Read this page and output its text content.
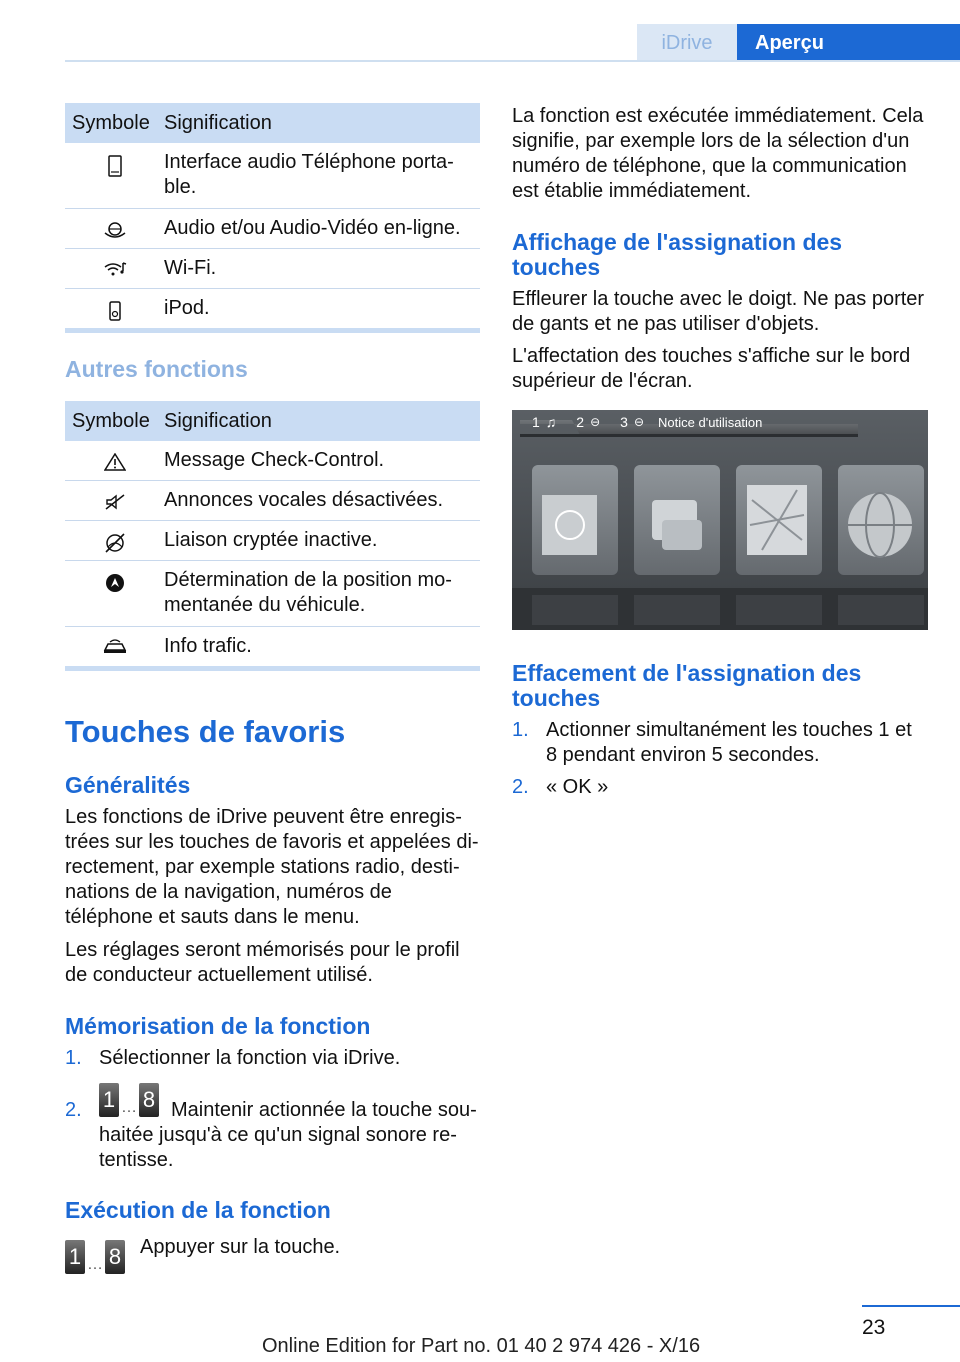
iDrive	Aperçu
Symbole Signification
Interface audio Téléphone porta-
ble.
Audio et/ou Audio-Vidéo en-ligne.
Wi-Fi.
iPod.
Autres fonctions
Symbole Signification
Message Check-Control.
Annonces vocales désactivées.
Liaison cryptée inactive.
Détermination de la position mo-
mentanée du véhicule.
Info trafic.
Touches de favoris
Généralités
Les fonctions de iDrive peuvent être enregis-
trées sur les touches de favoris et appelées di-
rectement, par exemple stations radio, desti-
nations de la navigation, numéros de
téléphone et sauts dans le menu.
Les réglages seront mémorisés pour le profil
de conducteur actuellement utilisé.
Mémorisation de la fonction
1. Sélectionner la fonction via iDrive.
2. 1 … 8 Maintenir actionnée la touche sou-
haitée jusqu'à ce qu'un signal sonore re-
tentisse.
Exécution de la fonction
1 … 8 Appuyer sur la touche.
La fonction est exécutée immédiatement. Cela
signifie, par exemple lors de la sélection d'un
numéro de téléphone, que la communication
est établie immédiatement.
Affichage de l'assignation des
touches
Effleurer la touche avec le doigt. Ne pas porter
de gants et ne pas utiliser d'objets.
L'affectation des touches s'affiche sur le bord
supérieur de l'écran.
1 ♫ 2 ⊖ 3 ⊖ Notice d'utilisation
Effacement de l'assignation des
touches
1. Actionner simultanément les touches 1 et
8 pendant environ 5 secondes.
2. « OK »
23
Online Edition for Part no. 01 40 2 974 426 - X/16
